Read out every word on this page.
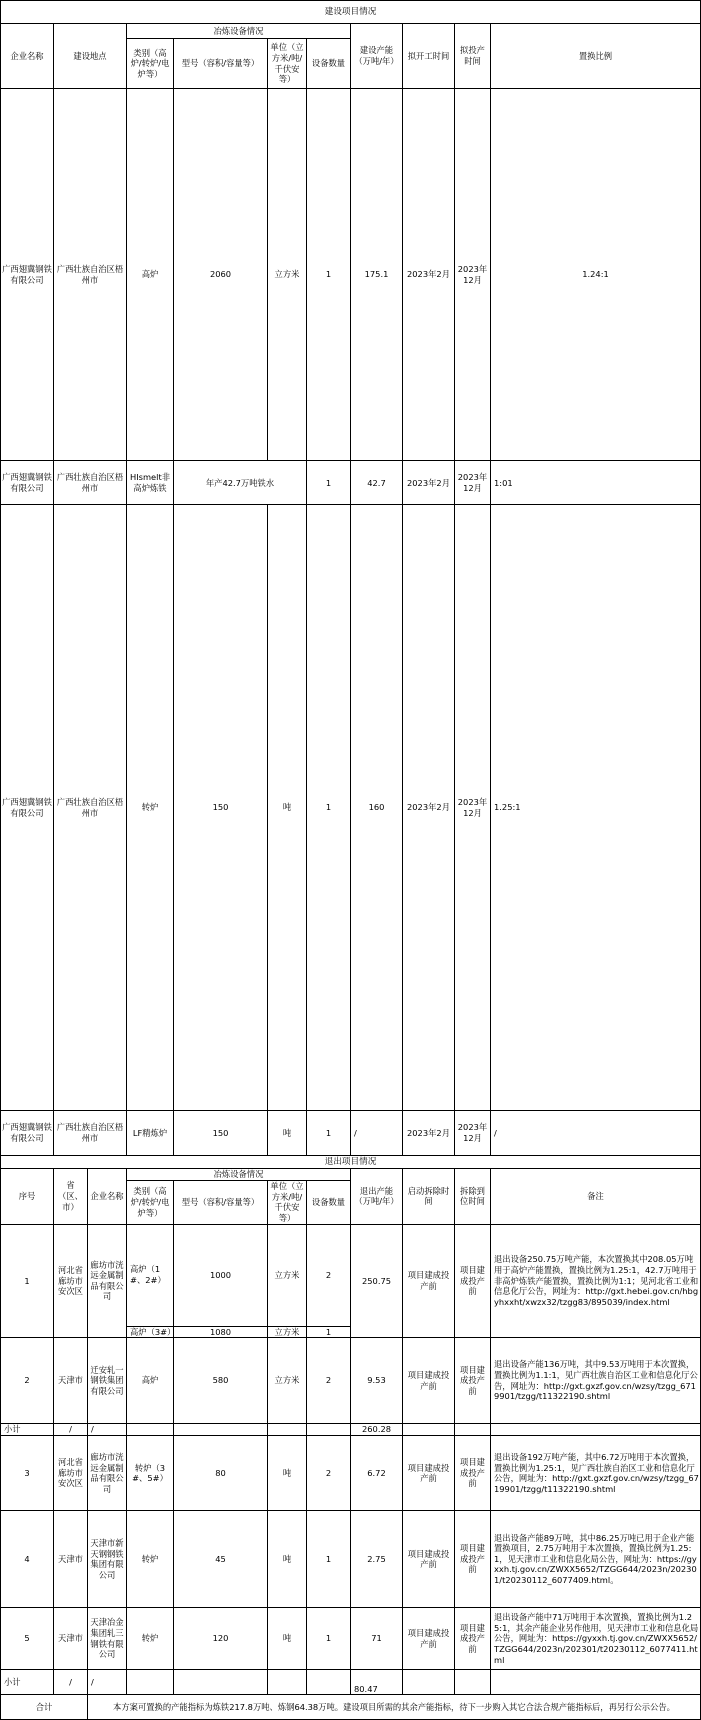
建设项目情况											
企业名称	建设地点		冶炼设备情况				建设产能（万吨/年）	拟开工时间	拟投产时间	置换比例	
			类别（高炉/转炉/电炉等）	型号（容积/容量等）	单位（立方米/吨/千伏安等）	设备数量					
广西翅冀钢铁有限公司	广西壮族自治区梧州市		高炉	2060	立方米	1	175.1	2023年2月	2023年12月	1.24:1	
广西翅冀钢铁有限公司	广西壮族自治区梧州市		HIsmelt非高炉炼铁	年产42.7万吨铁水		1	42.7	2023年2月	2023年12月	1:01	
广西翅冀钢铁有限公司	广西壮族自治区梧州市		转炉	150	吨	1	160	2023年2月	2023年12月	1.25:1	
广西翅冀钢铁有限公司	广西壮族自治区梧州市		LF精炼炉	150	吨	1	/	2023年2月	2023年12月	/	
退出项目情况											
序号	省（区、市）	企业名称	冶炼设备情况				退出产能（万吨/年）	启动拆除时间	拆除到位时间	备注	
			类别（高炉/转炉/电炉等）	型号（容积/容量等）	单位（立方米/吨/千伏安等）	设备数量					
1	河北省廊坊市安次区	廊坊市洸远金属制品有限公司	高炉（1#、2#）	1000	立方米	2	250.75	项目建成投产前	项目建成投产前	退出设备250.75万吨产能，本次置换其中208.05万吨用于高炉产能置换，置换比例为1.25:1，42.7万吨用于非高炉炼铁产能置换，置换比例为1:1；见河北省工业和信息化厅公告，网址为：http://gxt.hebei.gov.cn/hbgyhxxht/xwzx32/tzgg83/895039/index.html	
			高炉（3#）	1080	立方米	1					
2	天津市	迁安轧一钢铁集团有限公司	高炉	580	立方米	2	9.53	项目建成投产前	项目建成投产前	退出设备产能136万吨，其中9.53万吨用于本次置换，置换比例为1.1:1，见广西壮族自治区工业和信息化厅公告，网址为：http://gxt.gxzf.gov.cn/wzsy/tzgg_6719901/tzgg/t11322190.shtml	
小计	/	/					260.28				
3	河北省廊坊市安次区	廊坊市洸远金属制品有限公司	转炉（3#、5#）	80	吨	2	6.72	项目建成投产前	项目建成投产前	退出设备192万吨产能，其中6.72万吨用于本次置换，置换比例为1.25:1，见广西壮族自治区工业和信息化厅公告，网址为：http://gxt.gxzf.gov.cn/wzsy/tzgg_6719901/tzgg/t11322190.shtml	
4	天津市	天津市新天钢钢铁集团有限公司	转炉	45	吨	1	2.75	项目建成投产前	项目建成投产前	退出设备产能89万吨，其中86.25万吨已用于企业产能置换项目，2.75万吨用于本次置换，置换比例为1.25:1，见天津市工业和信息化局公告，网址为：https://gyxxh.tj.gov.cn/ZWXX5652/TZGG644/2023n/202301/t20230112_6077409.html。	
5	天津市	天津冶金集团轧三钢铁有限公司	转炉	120	吨	1	71	项目建成投产前	项目建成投产前	退出设备产能中71万吨用于本次置换，置换比例为1.25:1，其余产能企业另作他用，见天津市工业和信息化局公告，网址为：https://gyxxh.tj.gov.cn/ZWXX5652/TZGG644/2023n/202301/t20230112_6077411.html	
小计	/	/					80.47				
合计		本方案可置换的产能指标为炼铁217.8万吨、炼钢64.38万吨。建设项目所需的其余产能指标，待下一步购入其它合法合规产能指标后，再另行公示公告。									
